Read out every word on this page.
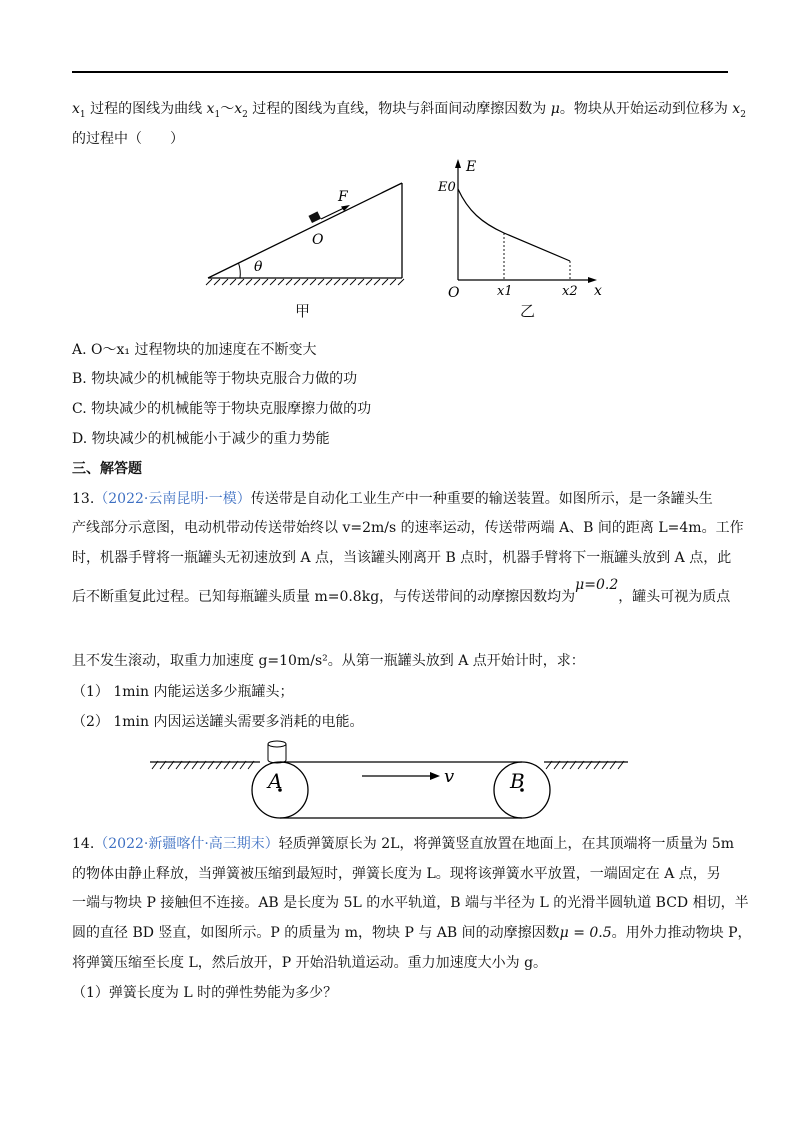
$x_1$ 过程的图线为曲线 $x_1\sim x_2$ 过程的图线为直线，物块与斜面间动摩擦因数为 μ。物块从开始运动到位移为 $x_2$
的过程中（　　）
F
O
θ
甲
E
x
O
E0
x1	x2
乙
A. O～x₁ 过程物块的加速度在不断变大
B. 物块减少的机械能等于物块克服合力做的功
C. 物块减少的机械能等于物块克服摩擦力做的功
D. 物块减少的机械能小于减少的重力势能
三、解答题
13.（2022·云南昆明·一模）传送带是自动化工业生产中一种重要的输送装置。如图所示，是一条罐头生
产线部分示意图，电动机带动传送带始终以 v=2m/s 的速率运动，传送带两端 A、B 间的距离 L=4m。工作
时，机器手臂将一瓶罐头无初速放到 A 点，当该罐头刚离开 B 点时，机器手臂将下一瓶罐头放到 A 点，此
后不断重复此过程。已知每瓶罐头质量 m=0.8kg，与传送带间的动摩擦因数均为μ=0.2，罐头可视为质点
且不发生滚动，取重力加速度 g=10m/s²。从第一瓶罐头放到 A 点开始计时，求：
（1） 1min 内能运送多少瓶罐头；
（2） 1min 内因运送罐头需要多消耗的电能。
A	B
v
14.（2022·新疆喀什·高三期末）轻质弹簧原长为 2L，将弹簧竖直放置在地面上，在其顶端将一质量为 5m
的物体由静止释放，当弹簧被压缩到最短时，弹簧长度为 L。现将该弹簧水平放置，一端固定在 A 点，另
一端与物块 P 接触但不连接。AB 是长度为 5L 的水平轨道，B 端与半径为 L 的光滑半圆轨道 BCD 相切，半
圆的直径 BD 竖直，如图所示。P 的质量为 m，物块 P 与 AB 间的动摩擦因数μ = 0.5。用外力推动物块 P，
将弹簧压缩至长度 L，然后放开，P 开始沿轨道运动。重力加速度大小为 g。
（1）弹簧长度为 L 时的弹性势能为多少？
